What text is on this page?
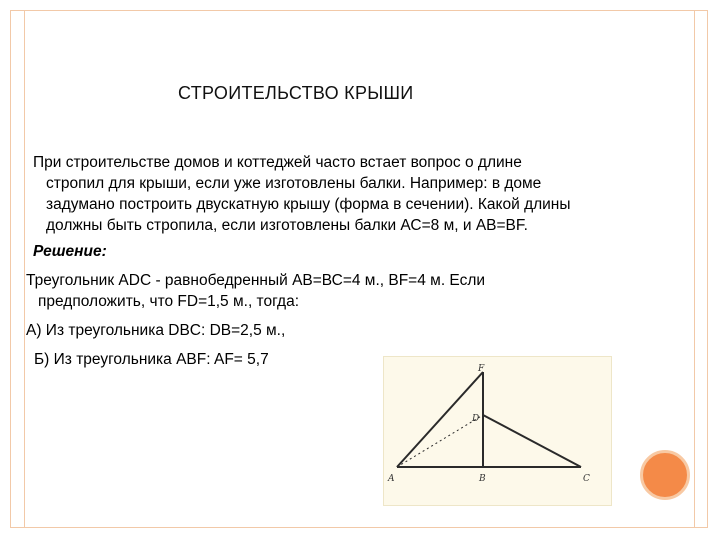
СТРОИТЕЛЬСТВО КРЫШИ
При строительстве домов и коттеджей часто встает вопрос о длине
стропил для крыши, если уже изготовлены балки. Например: в доме
задумано построить двускатную крышу (форма в сечении). Какой длины
должны быть стропила, если изготовлены балки АС=8 м, и АВ=BF.
Решение:
Треугольник ADC - равнобедренный АВ=ВС=4 м., BF=4 м. Если
предположить, что FD=1,5 м., тогда:
А) Из треугольника DBC: DB=2,5 м.,
Б) Из треугольника ABF: AF= 5,7
A	B	C
D
F
